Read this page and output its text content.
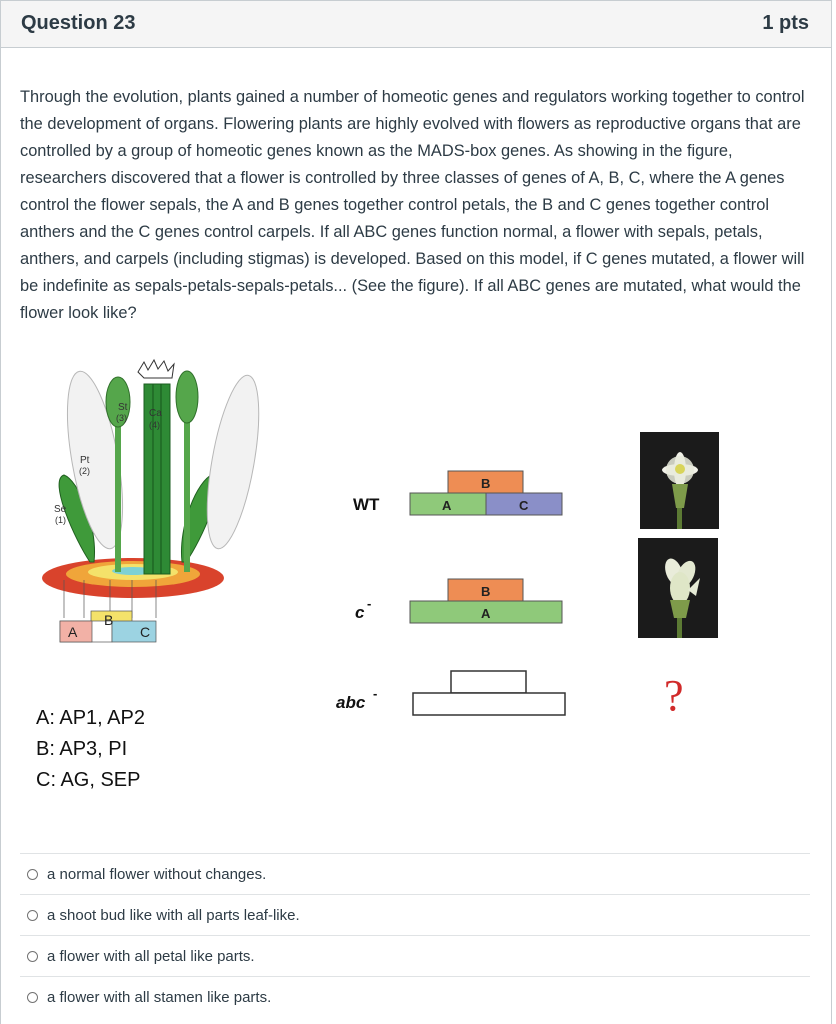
Question 23	1 pts
Through the evolution, plants gained a number of homeotic genes and regulators working together to control the development of organs. Flowering plants are highly evolved with flowers as reproductive organs that are controlled by a group of homeotic genes known as the MADS-box genes. As showing in the figure, researchers discovered that a flower is controlled by three classes of genes of A, B, C, where the A genes control the flower sepals, the A and B genes together control petals, the B and C genes together control anthers and the C genes control carpels. If all ABC genes function normal, a flower with sepals, petals, anthers, and carpels (including stigmas) is developed. Based on this model, if C genes mutated, a flower will be indefinite as sepals-petals-sepals-petals... (See the figure). If all ABC genes are mutated, what would the flower look like?
Se
(1)
Pt
(2)
St
(3) Ca
(4)
A
B
C
WT
c -
abc -
B
A	C
B
A
?
A: AP1, AP2
B: AP3, PI
C: AG, SEP
a normal flower without changes.
a shoot bud like with all parts leaf-like.
a flower with all petal like parts.
a flower with all stamen like parts.
